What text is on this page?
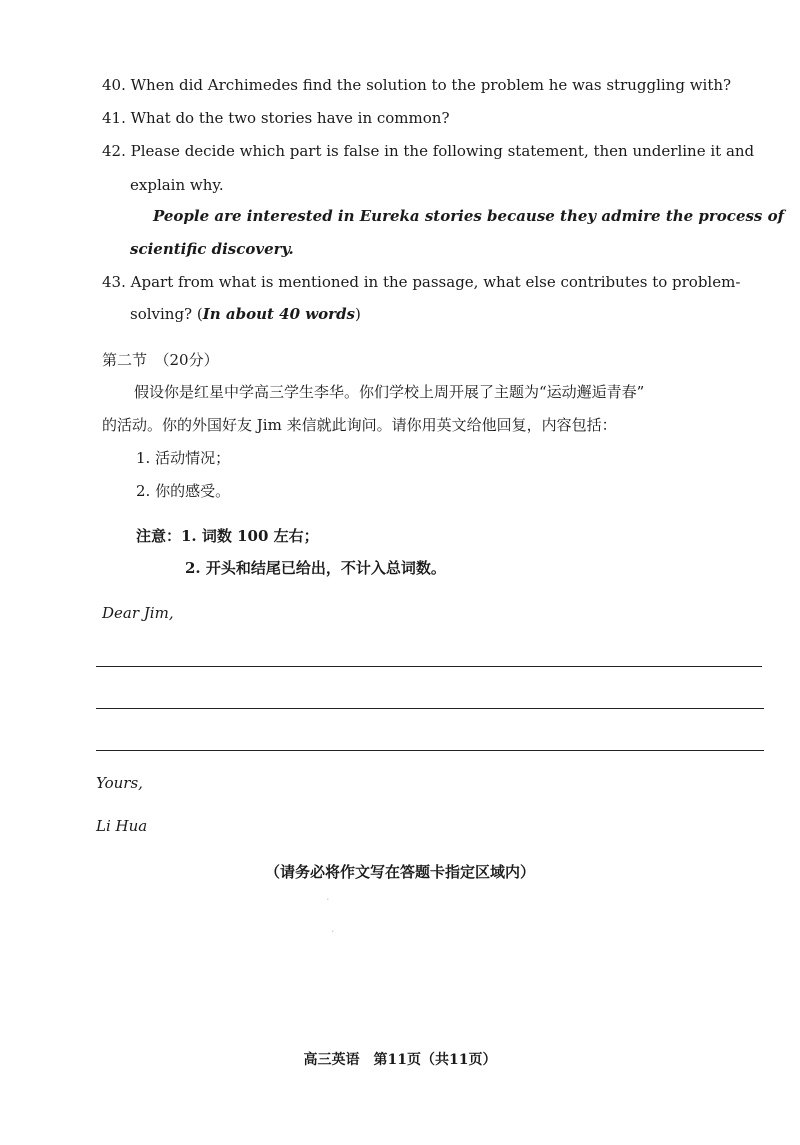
40. When did Archimedes find the solution to the problem he was struggling with?
41. What do the two stories have in common?
42. Please decide which part is false in the following statement, then underline it and
explain why.
People are interested in Eureka stories because they admire the process of
scientific discovery.
43. Apart from what is mentioned in the passage, what else contributes to problem-
solving? (In about 40 words)
第二节　（20分）
假设你是红星中学高三学生李华。你们学校上周开展了主题为“运动邂逅青春”
的活动。你的外国好友 Jim 来信就此询问。请你用英文给他回复，内容包括：
1. 活动情况；
2. 你的感受。
注意：1. 词数 100 左右；
2. 开头和结尾已给出，不计入总词数。
Dear Jim,
Yours,
Li Hua
（请务必将作文写在答题卡指定区域内）
·
·
高三英语　第11页（共11页）
